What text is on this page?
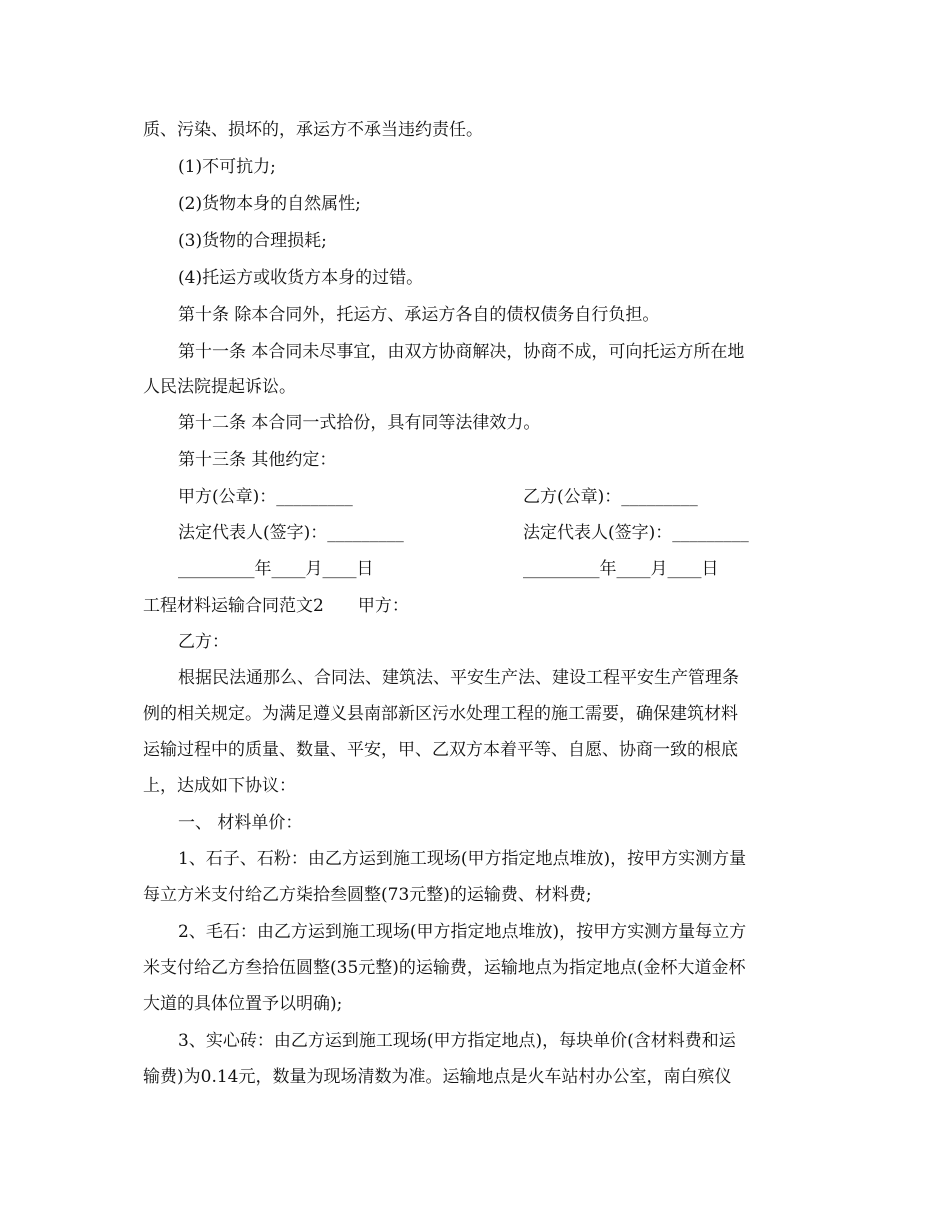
质、污染、损坏的，承运方不承当违约责任。
(1)不可抗力;
(2)货物本身的自然属性;
(3)货物的合理损耗;
(4)托运方或收货方本身的过错。
第十条 除本合同外，托运方、承运方各自的债权债务自行负担。
第十一条 本合同未尽事宜，由双方协商解决，协商不成，可向托运方所在地
人民法院提起诉讼。
第十二条 本合同一式拾份，具有同等法律效力。
第十三条 其他约定：
甲方(公章)：_________	乙方(公章)：_________
法定代表人(签字)：_________	法定代表人(签字)：_________
_________年____月____日	_________年____月____日
工程材料运输合同范文2　　甲方：
乙方：
根据民法通那么、合同法、建筑法、平安生产法、建设工程平安生产管理条
例的相关规定。为满足遵义县南部新区污水处理工程的施工需要，确保建筑材料
运输过程中的质量、数量、平安，甲、乙双方本着平等、自愿、协商一致的根底
上，达成如下协议：
一、 材料单价：
1、石子、石粉：由乙方运到施工现场(甲方指定地点堆放)，按甲方实测方量
每立方米支付给乙方柒拾叁圆整(73元整)的运输费、材料费;
2、毛石：由乙方运到施工现场(甲方指定地点堆放)，按甲方实测方量每立方
米支付给乙方叁拾伍圆整(35元整)的运输费，运输地点为指定地点(金杯大道金杯
大道的具体位置予以明确);
3、实心砖：由乙方运到施工现场(甲方指定地点)，每块单价(含材料费和运
输费)为0.14元，数量为现场清数为准。运输地点是火车站村办公室，南白殡仪
